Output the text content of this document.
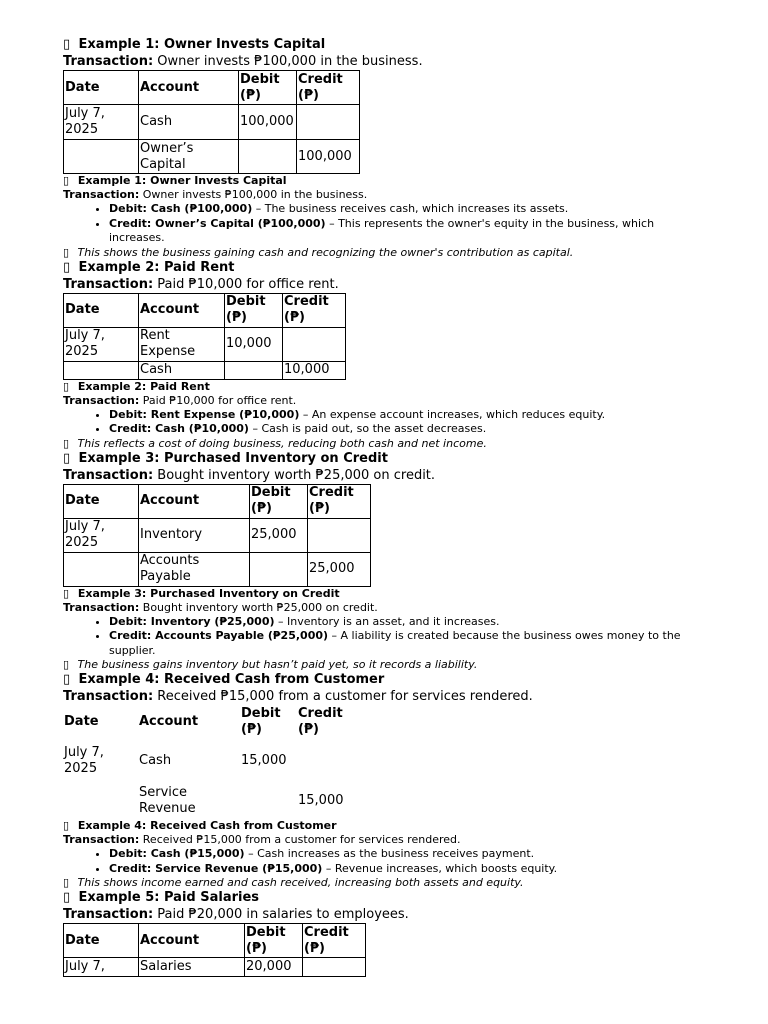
▯ Example 1: Owner Invests Capital

Transaction: Owner invests ₱100,000 in the business.

Date	Account	Debit (₱)	Credit (₱)
July 7, 2025	Cash	100,000	
	Owner’s Capital		100,000

▯ Example 1: Owner Invests Capital

Transaction: Owner invests ₱100,000 in the business.

• Debit: Cash (₱100,000) – The business receives cash, which increases its assets.
• Credit: Owner’s Capital (₱100,000) – This represents the owner's equity in the business, which increases.

▯ This shows the business gaining cash and recognizing the owner's contribution as capital.

▯ Example 2: Paid Rent

Transaction: Paid ₱10,000 for office rent.

Date	Account	Debit (₱)	Credit (₱)
July 7, 2025	Rent Expense	10,000	
	Cash		10,000

▯ Example 2: Paid Rent

Transaction: Paid ₱10,000 for office rent.

• Debit: Rent Expense (₱10,000) – An expense account increases, which reduces equity.
• Credit: Cash (₱10,000) – Cash is paid out, so the asset decreases.

▯ This reflects a cost of doing business, reducing both cash and net income.

▯ Example 3: Purchased Inventory on Credit

Transaction: Bought inventory worth ₱25,000 on credit.

Date	Account	Debit (₱)	Credit (₱)
July 7, 2025	Inventory	25,000	
	Accounts Payable		25,000

▯ Example 3: Purchased Inventory on Credit

Transaction: Bought inventory worth ₱25,000 on credit.

• Debit: Inventory (₱25,000) – Inventory is an asset, and it increases.
• Credit: Accounts Payable (₱25,000) – A liability is created because the business owes money to the supplier.

▯ The business gains inventory but hasn’t paid yet, so it records a liability.

▯ Example 4: Received Cash from Customer

Transaction: Received ₱15,000 from a customer for services rendered.

Date	Account	Debit (₱)	Credit (₱)
July 7, 2025	Cash	15,000	
	Service Revenue		15,000

▯ Example 4: Received Cash from Customer

Transaction: Received ₱15,000 from a customer for services rendered.

• Debit: Cash (₱15,000) – Cash increases as the business receives payment.
• Credit: Service Revenue (₱15,000) – Revenue increases, which boosts equity.

▯ This shows income earned and cash received, increasing both assets and equity.

▯ Example 5: Paid Salaries

Transaction: Paid ₱20,000 in salaries to employees.

Date	Account	Debit (₱)	Credit (₱)
July 7,	Salaries	20,000	
